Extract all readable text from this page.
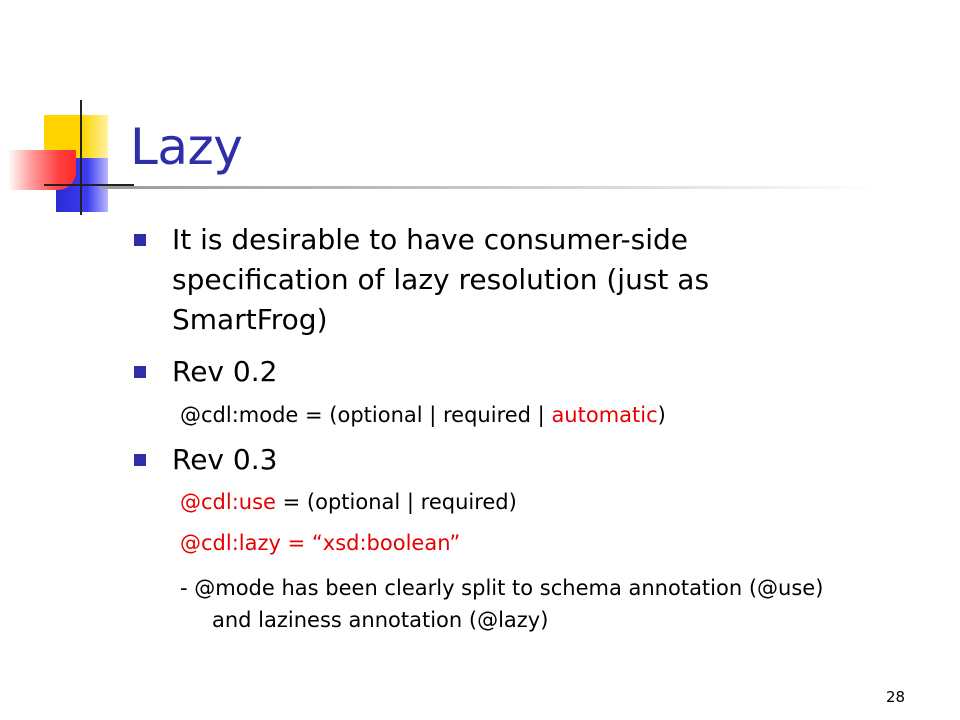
Lazy
It is desirable to have consumer-side specification of lazy resolution (just as SmartFrog)
Rev 0.2
@cdl:mode = (optional | required | automatic)
Rev 0.3
@cdl:use = (optional | required)
@cdl:lazy = “xsd:boolean”
- @mode has been clearly split to schema annotation (@use) and laziness annotation (@lazy)
28
